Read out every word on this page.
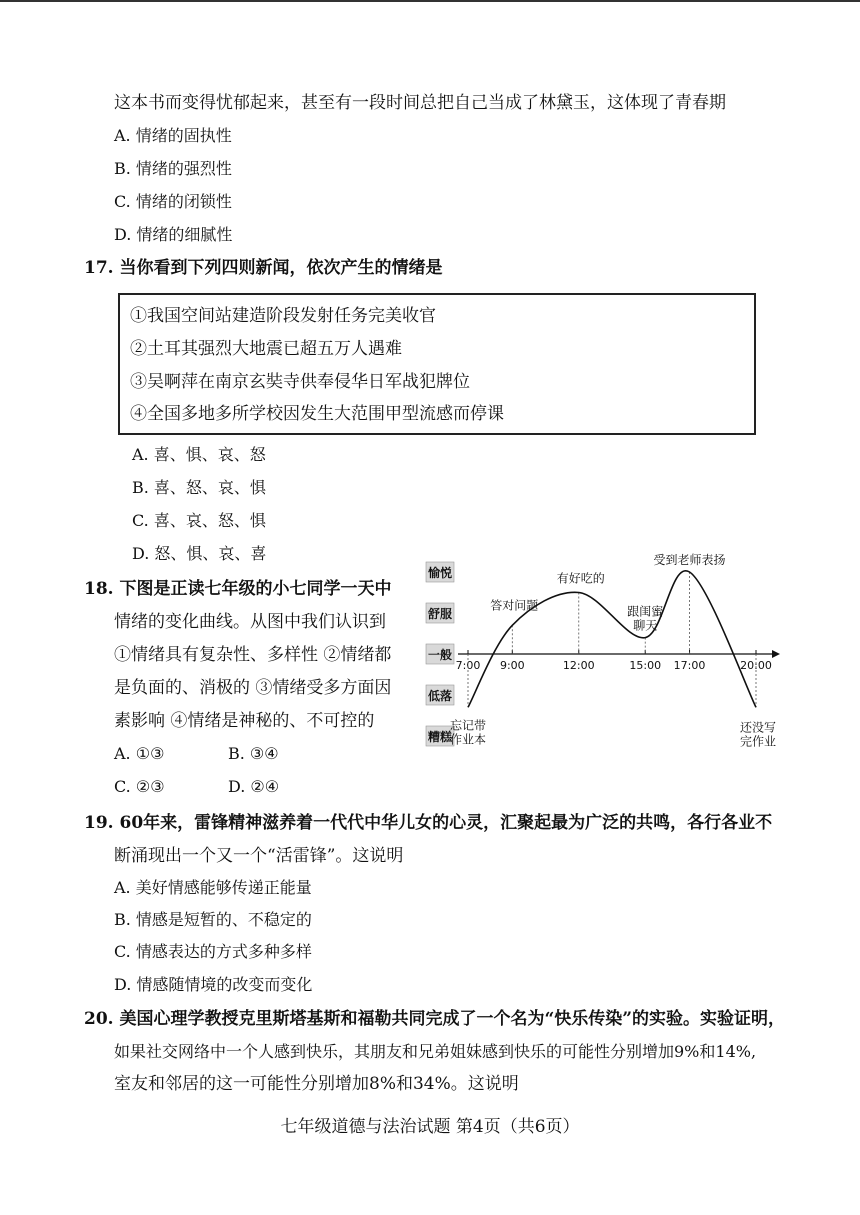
这本书而变得忧郁起来，甚至有一段时间总把自己当成了林黛玉，这体现了青春期
A. 情绪的固执性
B. 情绪的强烈性
C. 情绪的闭锁性
D. 情绪的细腻性
17. 当你看到下列四则新闻，依次产生的情绪是
①我国空间站建造阶段发射任务完美收官
②土耳其强烈大地震已超五万人遇难
③吴啊萍在南京玄奘寺供奉侵华日军战犯牌位
④全国多地多所学校因发生大范围甲型流感而停课
A. 喜、惧、哀、怒
B. 喜、怒、哀、惧
C. 喜、哀、怒、惧
D. 怒、惧、哀、喜
18. 下图是正读七年级的小七同学一天中
情绪的变化曲线。从图中我们认识到
①情绪具有复杂性、多样性 ②情绪都
是负面的、消极的 ③情绪受多方面因
素影响 ④情绪是神秘的、不可控的
A. ①③	B. ③④
C. ②③	D. ②④
愉悦
舒服
一般
低落
糟糕
7:00 9:00	12:00	15:00 17:00	20:00
忘记带作业本
答对问题
有好吃的
跟闺蜜聊天
受到老师表扬
还没写完作业
19. 60年来，雷锋精神滋养着一代代中华儿女的心灵，汇聚起最为广泛的共鸣，各行各业不
断涌现出一个又一个“活雷锋”。这说明
A. 美好情感能够传递正能量
B. 情感是短暂的、不稳定的
C. 情感表达的方式多种多样
D. 情感随情境的改变而变化
20. 美国心理学教授克里斯塔基斯和福勒共同完成了一个名为“快乐传染”的实验。实验证明，
如果社交网络中一个人感到快乐，其朋友和兄弟姐妹感到快乐的可能性分别增加9%和14%,
室友和邻居的这一可能性分别增加8%和34%。这说明
七年级道德与法治试题 第4页（共6页）
